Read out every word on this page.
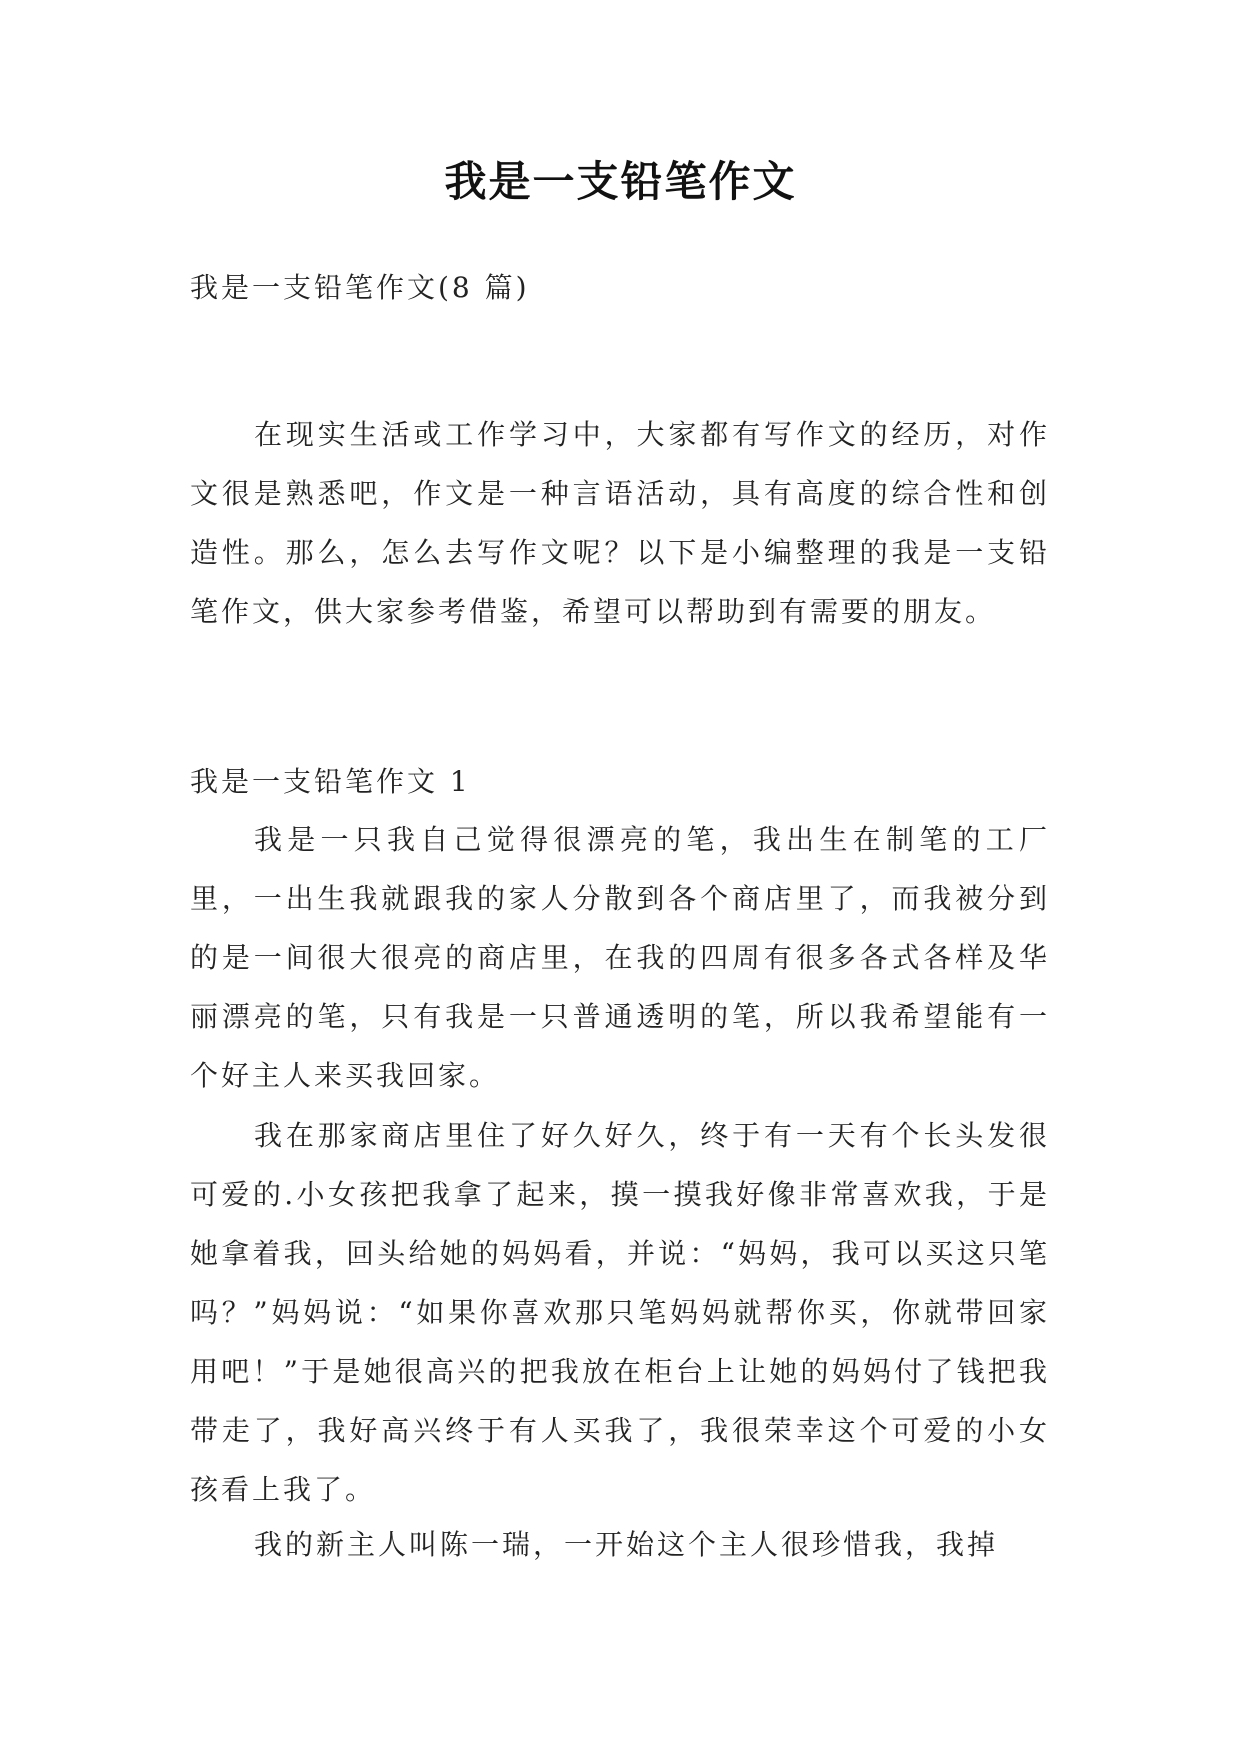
我是一支铅笔作文

我是一支铅笔作文(8 篇)

在现实生活或工作学习中，大家都有写作文的经历，对作文很是熟悉吧，作文是一种言语活动，具有高度的综合性和创造性。那么，怎么去写作文呢？以下是小编整理的我是一支铅笔作文，供大家参考借鉴，希望可以帮助到有需要的朋友。

我是一支铅笔作文 1

我是一只我自己觉得很漂亮的笔，我出生在制笔的工厂里，一出生我就跟我的家人分散到各个商店里了，而我被分到的是一间很大很亮的商店里，在我的四周有很多各式各样及华丽漂亮的笔，只有我是一只普通透明的笔，所以我希望能有一个好主人来买我回家。

我在那家商店里住了好久好久，终于有一天有个长头发很可爱的.小女孩把我拿了起来，摸一摸我好像非常喜欢我，于是她拿着我，回头给她的妈妈看，并说：“妈妈，我可以买这只笔吗？”妈妈说：“如果你喜欢那只笔妈妈就帮你买，你就带回家用吧！”于是她很高兴的把我放在柜台上让她的妈妈付了钱把我带走了，我好高兴终于有人买我了，我很荣幸这个可爱的小女孩看上我了。

我的新主人叫陈一瑞，一开始这个主人很珍惜我，我掉
